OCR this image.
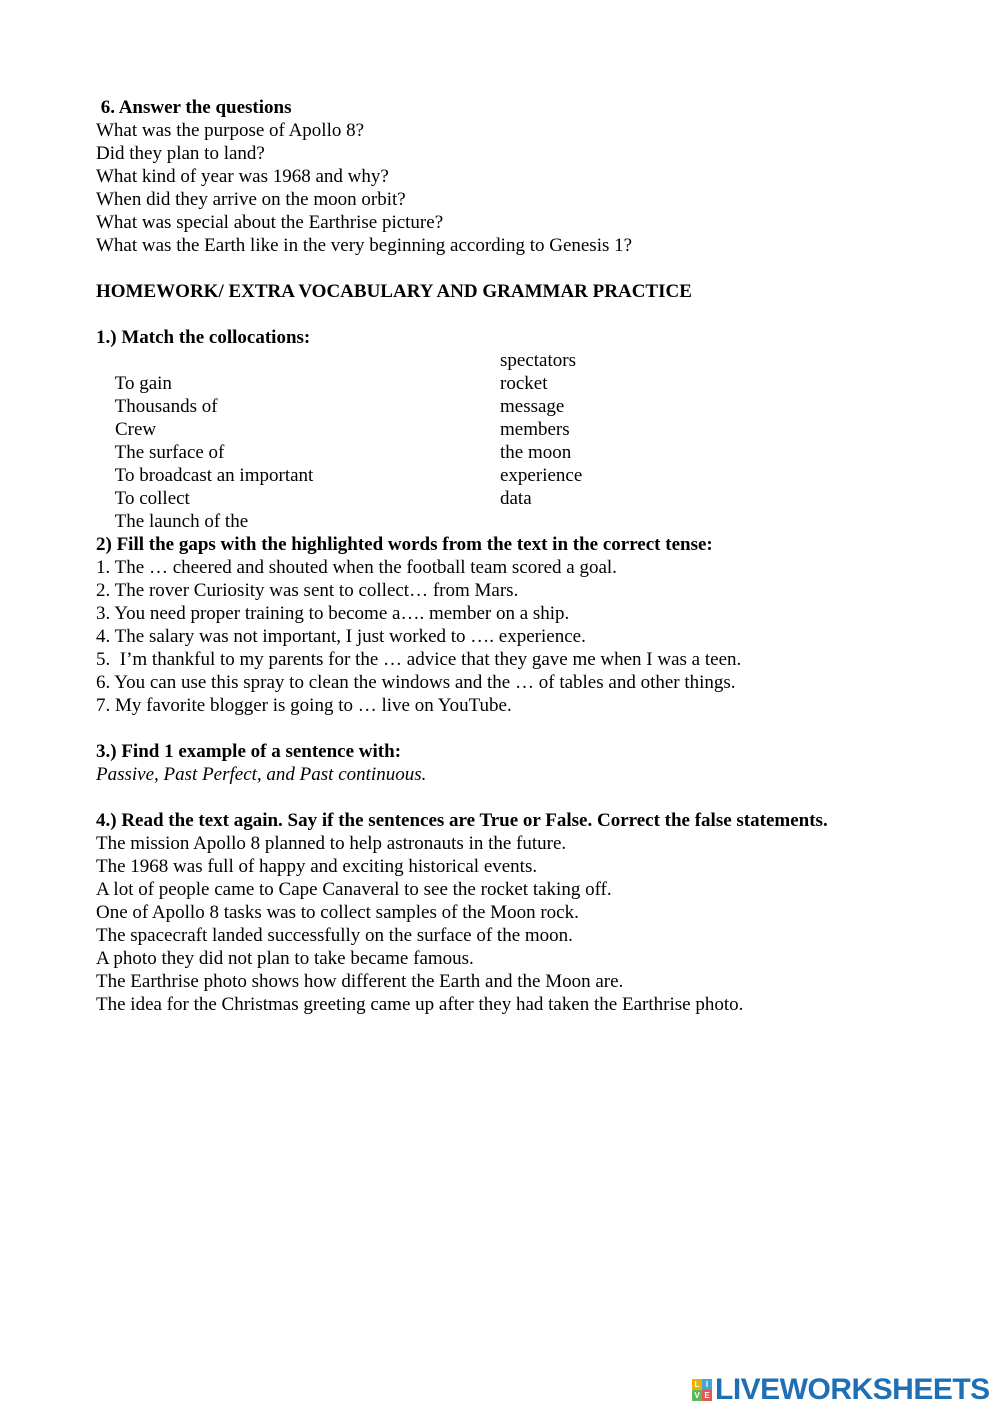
6. Answer the questions
What was the purpose of Apollo 8?
Did they plan to land?
What kind of year was 1968 and why?
When did they arrive on the moon orbit?
What was special about the Earthrise picture?
What was the Earth like in the very beginning according to Genesis 1?
HOMEWORK/ EXTRA VOCABULARY AND GRAMMAR PRACTICE
1.) Match the collocations:

To gain

spectators

Thousands of

rocket

Crew

message

The surface of

members

To broadcast an important

the moon

To collect

experience

The launch of the

data

2) Fill the gaps with the highlighted words from the text in the correct tense:
1. The … cheered and shouted when the football team scored a goal.
2. The rover Curiosity was sent to collect… from Mars.
3. You need proper training to become a…. member on a ship.
4. The salary was not important, I just worked to …. experience.
5.  I’m thankful to my parents for the … advice that they gave me when I was a teen.
6. You can use this spray to clean the windows and the … of tables and other things.
7. My favorite blogger is going to … live on YouTube.
3.) Find 1 example of a sentence with:
Passive, Past Perfect, and Past continuous.
4.) Read the text again. Say if the sentences are True or False. Correct the false statements.
The mission Apollo 8 planned to help astronauts in the future.
The 1968 was full of happy and exciting historical events.
A lot of people came to Cape Canaveral to see the rocket taking off.
One of Apollo 8 tasks was to collect samples of the Moon rock.
The spacecraft landed successfully on the surface of the moon.
A photo they did not plan to take became famous.
The Earthrise photo shows how different the Earth and the Moon are.
The idea for the Christmas greeting came up after they had taken the Earthrise photo.
L I
V E LIVEWORKSHEETS
